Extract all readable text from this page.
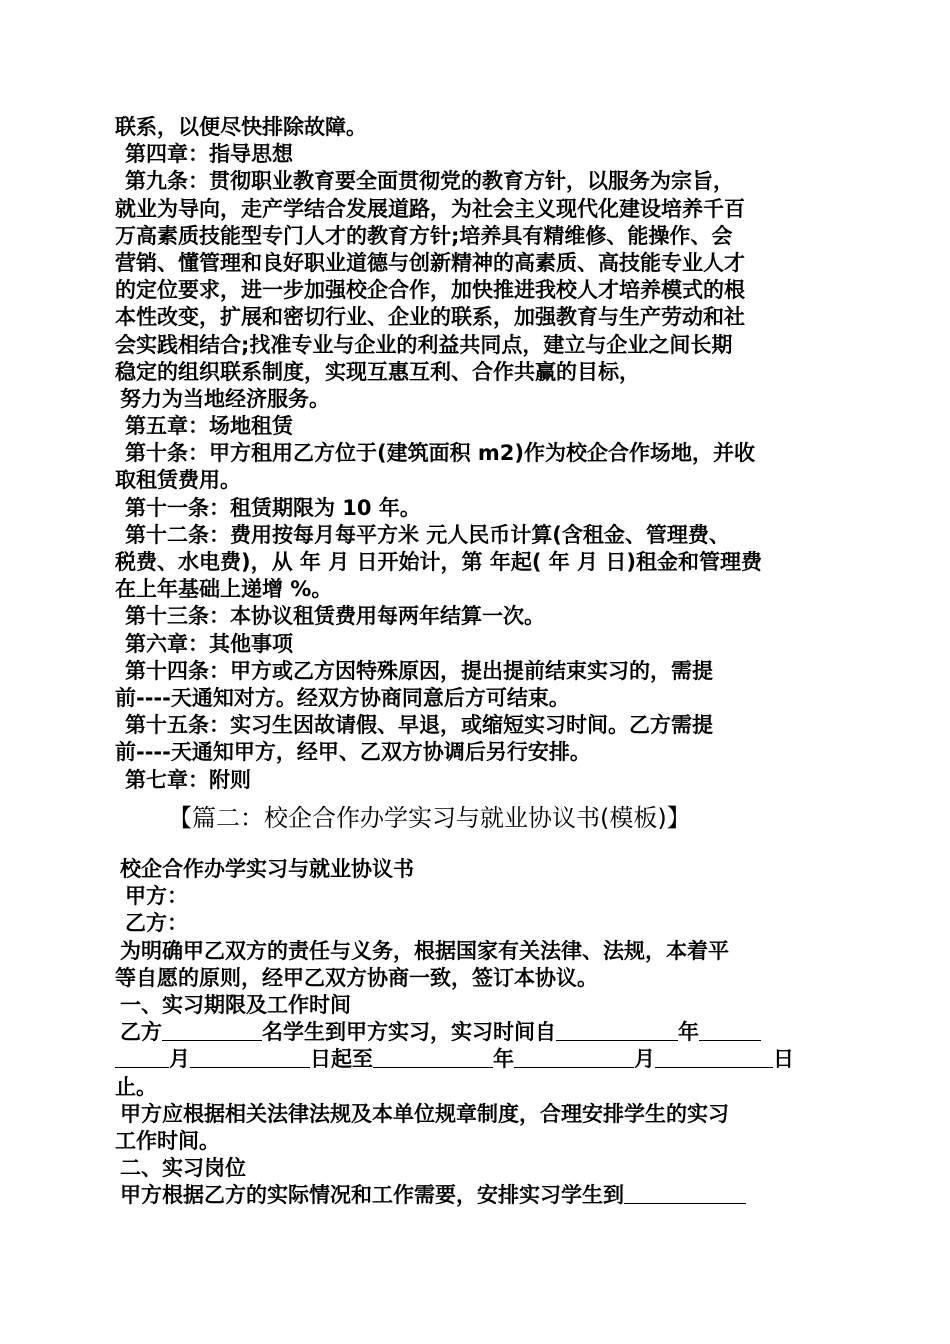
联系，以便尽快排除故障。
第四章：指导思想
第九条：贯彻职业教育要全面贯彻党的教育方针，以服务为宗旨，
就业为导向，走产学结合发展道路，为社会主义现代化建设培养千百
万高素质技能型专门人才的教育方针;培养具有精维修、能操作、会
营销、懂管理和良好职业道德与创新精神的高素质、高技能专业人才
的定位要求，进一步加强校企合作，加快推进我校人才培养模式的根
本性改变，扩展和密切行业、企业的联系，加强教育与生产劳动和社
会实践相结合;找准专业与企业的利益共同点，建立与企业之间长期
稳定的组织联系制度，实现互惠互利、合作共赢的目标，
努力为当地经济服务。
第五章：场地租赁
第十条：甲方租用乙方位于(建筑面积 m2)作为校企合作场地，并收
取租赁费用。
第十一条：租赁期限为 10 年。
第十二条：费用按每月每平方米 元人民币计算(含租金、管理费、
税费、水电费)，从 年 月 日开始计，第 年起( 年 月 日)租金和管理费
在上年基础上递增 %。
第十三条：本协议租赁费用每两年结算一次。
第六章：其他事项
第十四条：甲方或乙方因特殊原因，提出提前结束实习的，需提
前----天通知对方。经双方协商同意后方可结束。
第十五条：实习生因故请假、早退，或缩短实习时间。乙方需提
前----天通知甲方，经甲、乙双方协调后另行安排。
第七章：附则
【篇二：校企合作办学实习与就业协议书(模板)】
校企合作办学实习与就业协议书
甲方：
乙方：
为明确甲乙双方的责任与义务，根据国家有关法律、法规，本着平
等自愿的原则，经甲乙双方协商一致，签订本协议。
一、实习期限及工作时间
乙方	名学生到甲方实习，实习时间自	年
月	日起至	年	月	日
止。
甲方应根据相关法律法规及本单位规章制度，合理安排学生的实习
工作时间。
二、实习岗位
甲方根据乙方的实际情况和工作需要，安排实习学生到
